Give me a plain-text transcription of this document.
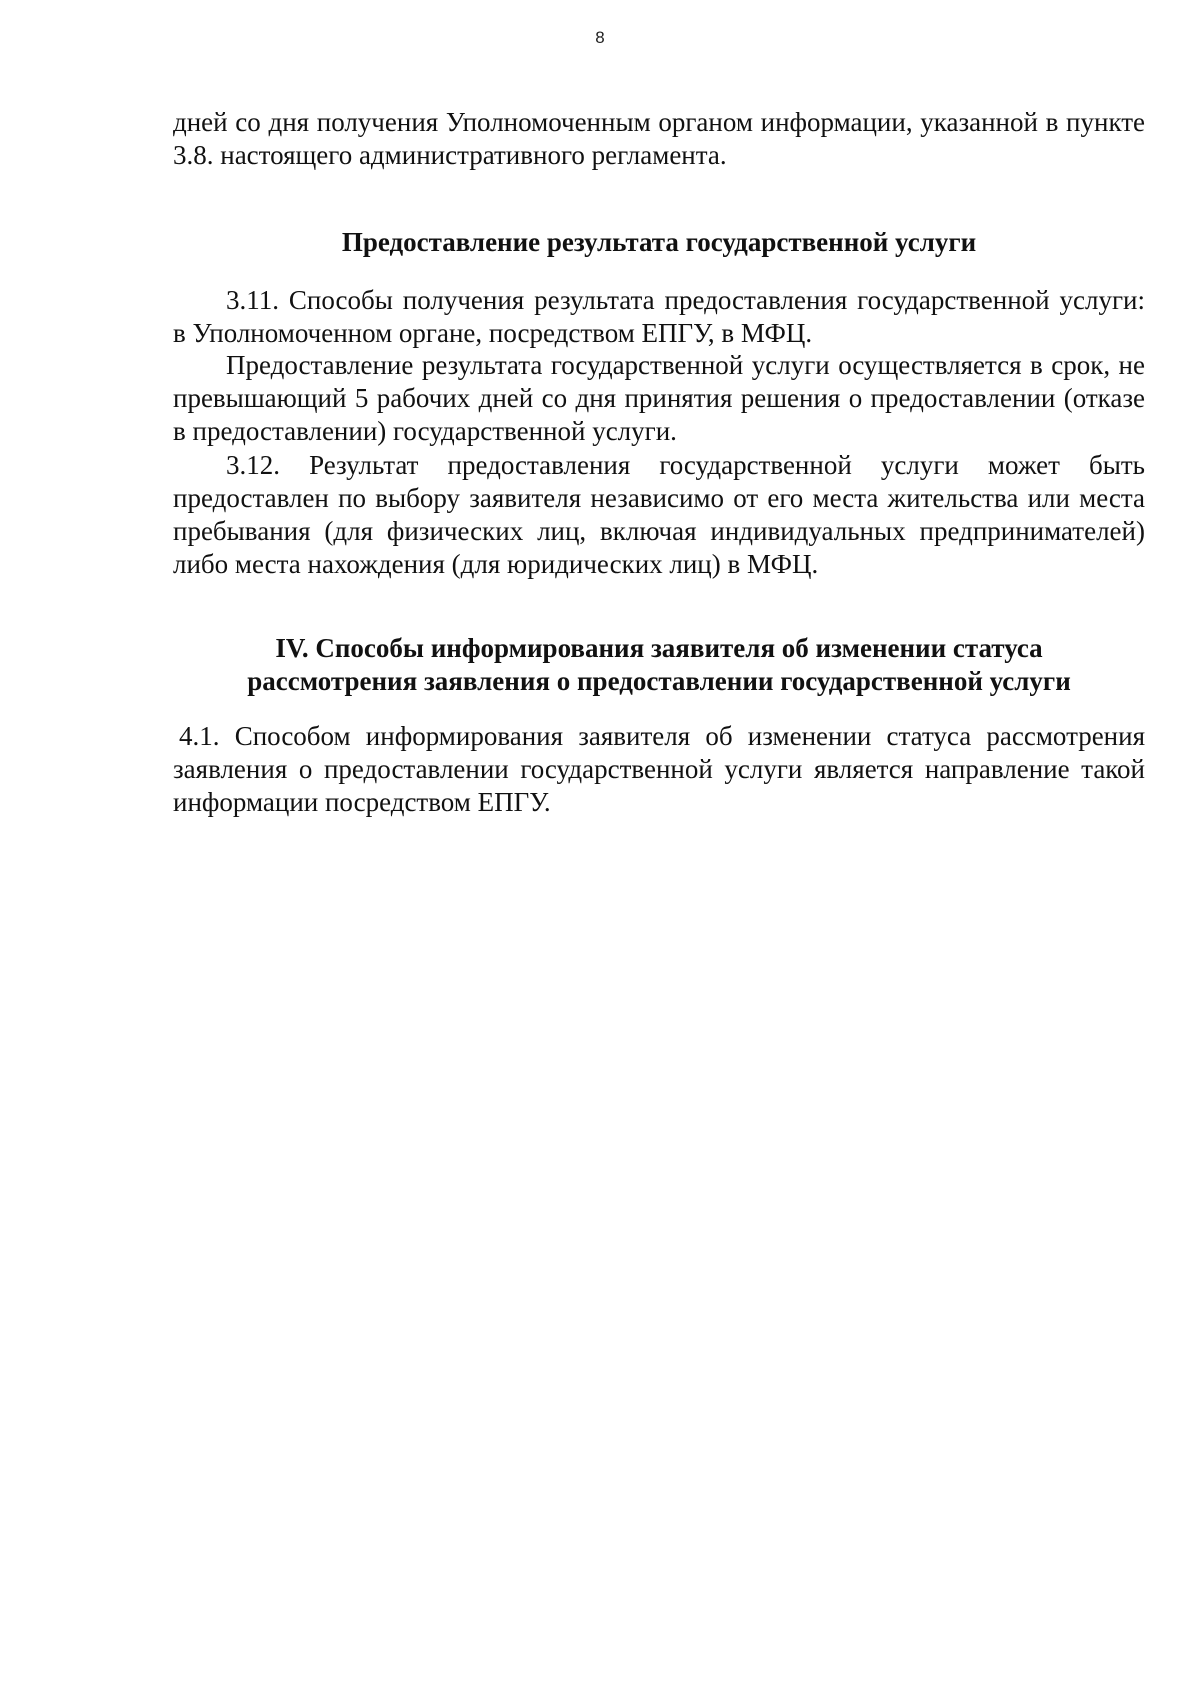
8

дней со дня получения Уполномоченным органом информации, указанной в пункте 3.8. настоящего административного регламента.

Предоставление результата государственной услуги

3.11. Способы получения результата предоставления государственной услуги: в Уполномоченном органе, посредством ЕПГУ, в МФЦ.

Предоставление результата государственной услуги осуществляется в срок, не превышающий 5 рабочих дней со дня принятия решения о предоставлении (отказе в предоставлении) государственной услуги.

3.12. Результат предоставления государственной услуги может быть предоставлен по выбору заявителя независимо от его места жительства или места пребывания (для физических лиц, включая индивидуальных предпринимателей) либо места нахождения (для юридических лиц) в МФЦ.

IV. Способы информирования заявителя об изменении статуса
рассмотрения заявления о предоставлении государственной услуги

4.1. Способом информирования заявителя об изменении статуса рассмотрения заявления о предоставлении государственной услуги является направление такой информации посредством ЕПГУ.
